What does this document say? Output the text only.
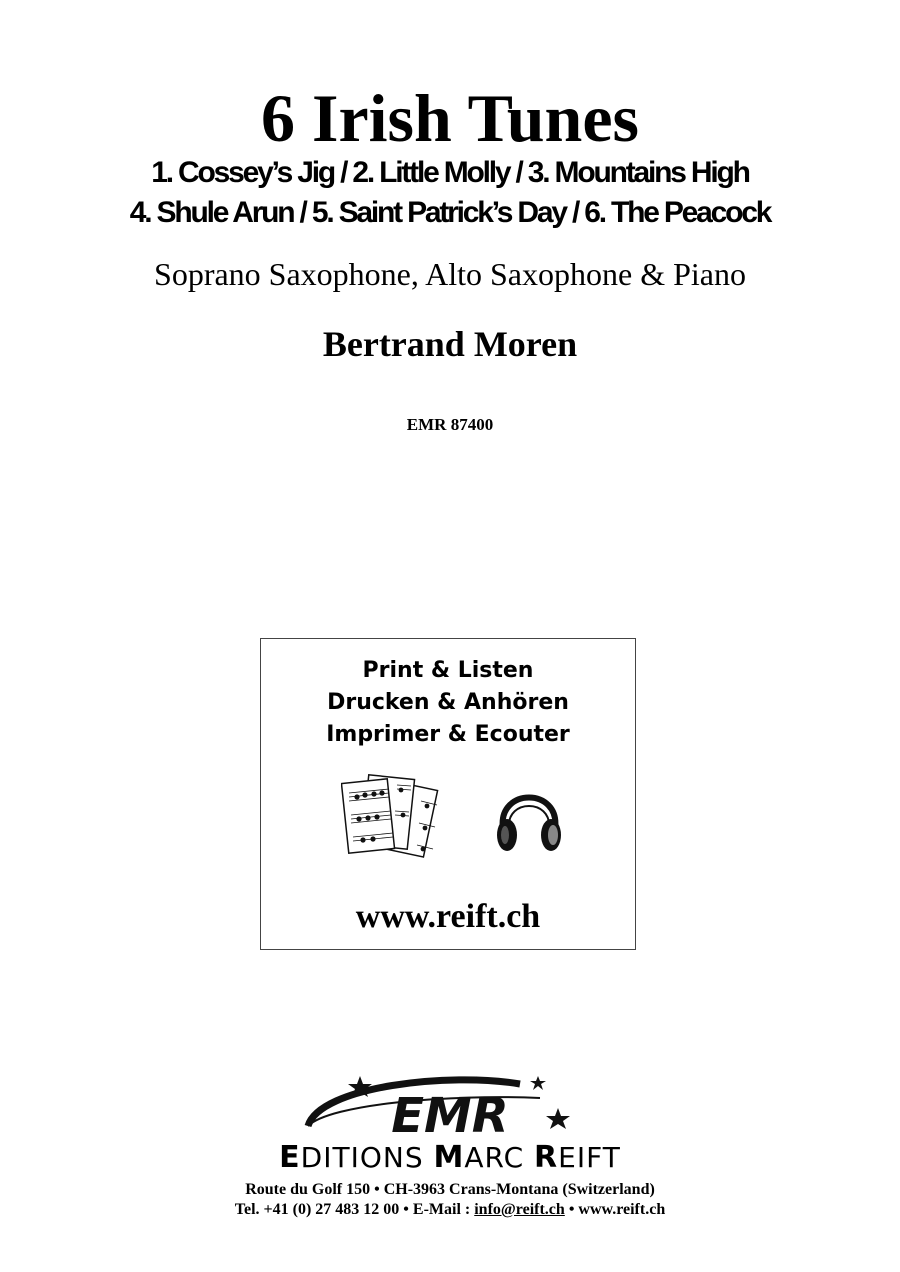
6 Irish Tunes
1. Cossey’s Jig / 2. Little Molly / 3. Mountains High
4. Shule Arun / 5. Saint Patrick’s Day / 6. The Peacock
Soprano Saxophone, Alto Saxophone & Piano
Bertrand Moren
EMR 87400
Print & Listen
Drucken & Anhören
Imprimer & Ecouter
www.reift.ch
EMR
EDITIONS MARC REIFT
Route du Golf 150 • CH-3963 Crans-Montana (Switzerland)
Tel. +41 (0) 27 483 12 00 • E-Mail : info@reift.ch • www.reift.ch
